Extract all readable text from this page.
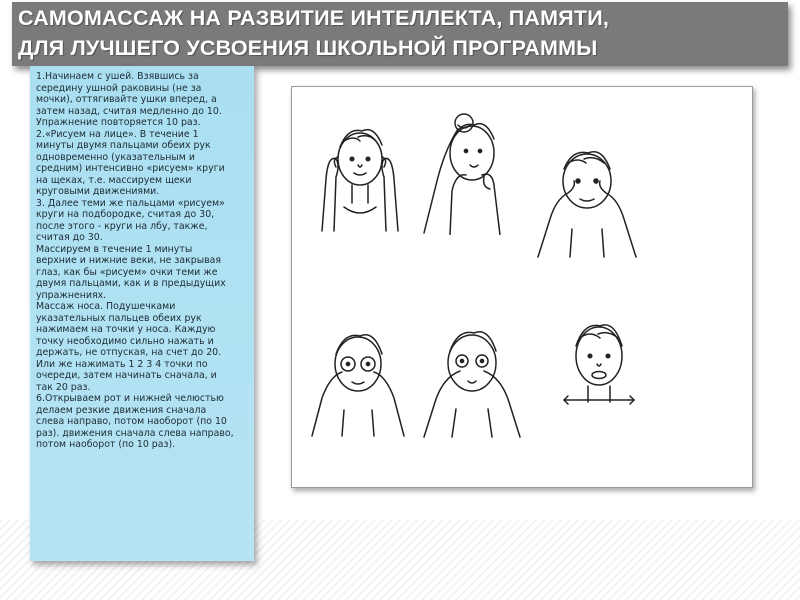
САМОМАССАЖ НА РАЗВИТИЕ ИНТЕЛЛЕКТА, ПАМЯТИ,
ДЛЯ ЛУЧШЕГО УСВОЕНИЯ ШКОЛЬНОЙ ПРОГРАММЫ
1.Начинаем с ушей. Взявшись за
середину ушной раковины (не за
мочки), оттягивайте ушки вперед, а
затем назад, считая медленно до 10.
Упражнение повторяется 10 раз.
2.«Рисуем на лице». В течение 1
минуты двумя пальцами обеих рук
одновременно (указательным и
средним) интенсивно «рисуем» круги
на щеках, т.е. массируем щеки
круговыми движениями.
3. Далее теми же пальцами «рисуем»
круги на подбородке, считая до 30,
после этого - круги на лбу, также,
считая до 30.
Массируем в течение 1 минуты
верхние и нижние веки, не закрывая
глаз, как бы «рисуем» очки теми же
двумя пальцами, как и в предыдущих
упражнениях.
Массаж носа. Подушечками
указательных пальцев обеих рук
нажимаем на точки у носа. Каждую
точку необходимо сильно нажать и
держать, не отпуская, на счет до 20.
Или же нажимать 1 2 3 4 точки по
очереди, затем начинать сначала, и
так 20 раз.
6.Открываем рот и нижней челюстью
делаем резкие движения сначала
слева направо, потом наоборот (по 10
раз). движения сначала слева направо,
потом наоборот (по 10 раз).
